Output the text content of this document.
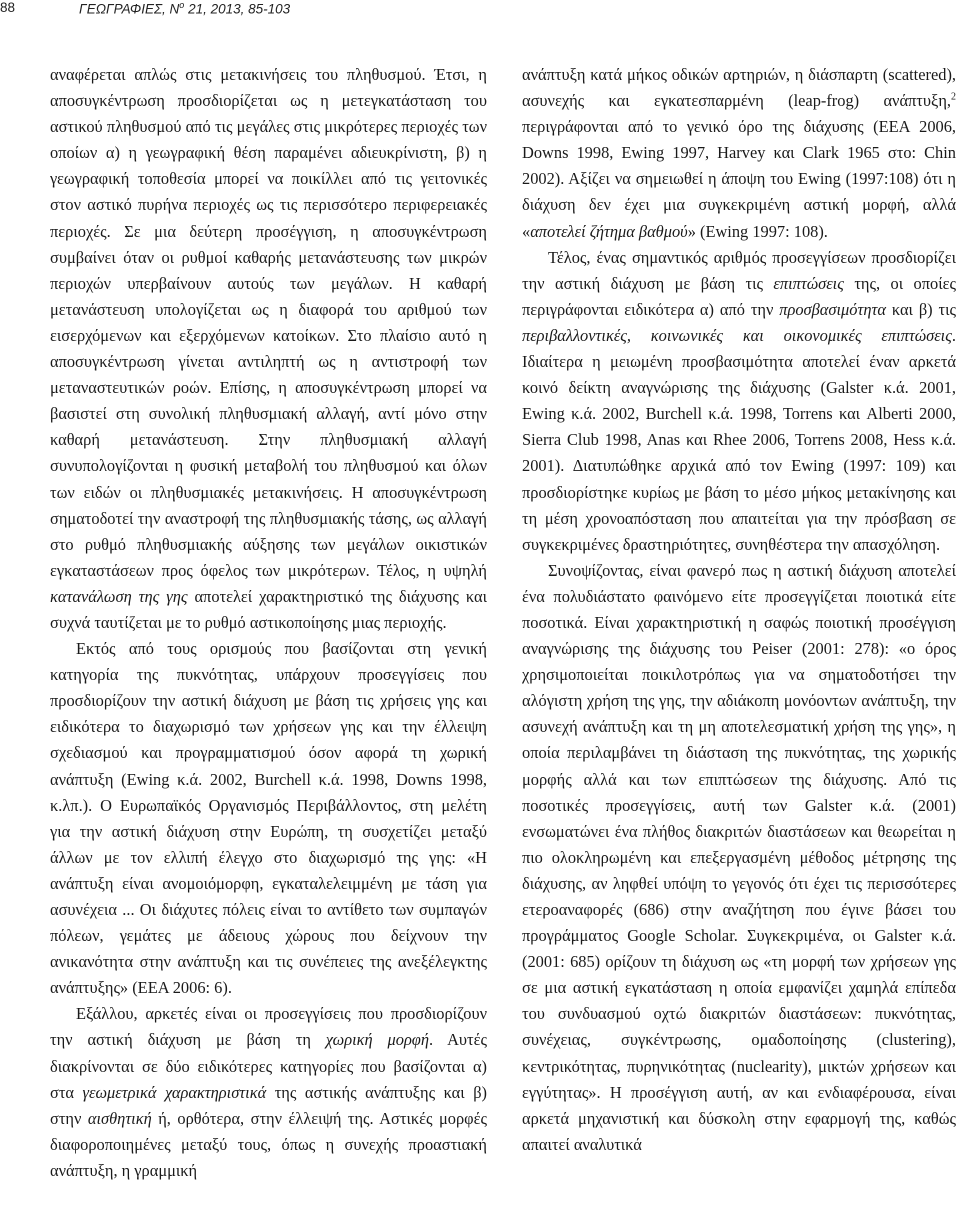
88	ΓΕΩΓΡΑΦΙΕΣ, $N^o$ 21, 2013, 85-103

αναφέρεται απλώς στις μετακινήσεις του πληθυσμού. Έτσι, η αποσυγκέντρωση προσδιορίζεται ως η μετεγκατάσταση του αστικού πληθυσμού από τις μεγάλες στις μικρότερες περιοχές των οποίων α) η γεωγραφική θέση παραμένει αδιευκρίνιστη, β) η γεωγραφική τοποθεσία μπορεί να ποικίλλει από τις γειτονικές στον αστικό πυρήνα περιοχές ως τις περισσότερο περιφερειακές περιοχές. Σε μια δεύτερη προσέγγιση, η αποσυγκέντρωση συμβαίνει όταν οι ρυθμοί καθαρής μετανάστευσης των μικρών περιοχών υπερβαίνουν αυτούς των μεγάλων. Η καθαρή μετανάστευση υπολογίζεται ως η διαφορά του αριθμού των εισερχόμενων και εξερχόμενων κατοίκων. Στο πλαίσιο αυτό η αποσυγκέντρωση γίνεται αντιληπτή ως η αντιστροφή των μεταναστευτικών ροών. Επίσης, η αποσυγκέντρωση μπορεί να βασιστεί στη συνολική πληθυσμιακή αλλαγή, αντί μόνο στην καθαρή μετανάστευση. Στην πληθυσμιακή αλλαγή συνυπολογίζονται η φυσική μεταβολή του πληθυσμού και όλων των ειδών οι πληθυσμιακές μετακινήσεις. Η αποσυγκέντρωση σηματοδοτεί την αναστροφή της πληθυσμιακής τάσης, ως αλλαγή στο ρυθμό πληθυσμιακής αύξησης των μεγάλων οικιστικών εγκαταστάσεων προς όφελος των μικρότερων. Τέλος, η υψηλή κατανάλωση της γης αποτελεί χαρακτηριστικό της διάχυσης και συχνά ταυτίζεται με το ρυθμό αστικοποίησης μιας περιοχής.

Εκτός από τους ορισμούς που βασίζονται στη γενική κατηγορία της πυκνότητας, υπάρχουν προσεγγίσεις που προσδιορίζουν την αστική διάχυση με βάση τις χρήσεις γης και ειδικότερα το διαχωρισμό των χρήσεων γης και την έλλειψη σχεδιασμού και προγραμματισμού όσον αφορά τη χωρική ανάπτυξη (Ewing κ.ά. 2002, Burchell κ.ά. 1998, Downs 1998, κ.λπ.). Ο Ευρωπαϊκός Οργανισμός Περιβάλλοντος, στη μελέτη για την αστική διάχυση στην Ευρώπη, τη συσχετίζει μεταξύ άλλων με τον ελλιπή έλεγχο στο διαχωρισμό της γης: «Η ανάπτυξη είναι ανομοιόμορφη, εγκαταλελειμμένη με τάση για ασυνέχεια ... Οι διάχυτες πόλεις είναι το αντίθετο των συμπαγών πόλεων, γεμάτες με άδειους χώρους που δείχνουν την ανικανότητα στην ανάπτυξη και τις συνέπειες της ανεξέλεγκτης ανάπτυξης» (EEA 2006: 6).

Εξάλλου, αρκετές είναι οι προσεγγίσεις που προσδιορίζουν την αστική διάχυση με βάση τη χωρική μορφή. Αυτές διακρίνονται σε δύο ειδικότερες κατηγορίες που βασίζονται α) στα γεωμετρικά χαρακτηριστικά της αστικής ανάπτυξης και β) στην αισθητική ή, ορθότερα, στην έλλειψή της. Αστικές μορφές διαφοροποιημένες μεταξύ τους, όπως η συνεχής προαστιακή ανάπτυξη, η γραμμική

ανάπτυξη κατά μήκος οδικών αρτηριών, η διάσπαρτη (scattered), ασυνεχής και εγκατεσπαρμένη (leap-frog) ανάπτυξη,$^2$ περιγράφονται από το γενικό όρο της διάχυσης (EEA 2006, Downs 1998, Ewing 1997, Harvey και Clark 1965 στο: Chin 2002). Αξίζει να σημειωθεί η άποψη του Ewing (1997:108) ότι η διάχυση δεν έχει μια συγκεκριμένη αστική μορφή, αλλά «αποτελεί ζήτημα βαθμού» (Ewing 1997: 108).

Τέλος, ένας σημαντικός αριθμός προσεγγίσεων προσδιορίζει την αστική διάχυση με βάση τις επιπτώσεις της, οι οποίες περιγράφονται ειδικότερα α) από την προσβασιμότητα και β) τις περιβαλλοντικές, κοινωνικές και οικονομικές επιπτώσεις. Ιδιαίτερα η μειωμένη προσβασιμότητα αποτελεί έναν αρκετά κοινό δείκτη αναγνώρισης της διάχυσης (Galster κ.ά. 2001, Ewing κ.ά. 2002, Burchell κ.ά. 1998, Torrens και Alberti 2000, Sierra Club 1998, Anas και Rhee 2006, Torrens 2008, Hess κ.ά. 2001). Διατυπώθηκε αρχικά από τον Ewing (1997: 109) και προσδιορίστηκε κυρίως με βάση το μέσο μήκος μετακίνησης και τη μέση χρονοαπόσταση που απαιτείται για την πρόσβαση σε συγκεκριμένες δραστηριότητες, συνηθέστερα την απασχόληση.

Συνοψίζοντας, είναι φανερό πως η αστική διάχυση αποτελεί ένα πολυδιάστατο φαινόμενο είτε προσεγγίζεται ποιοτικά είτε ποσοτικά. Είναι χαρακτηριστική η σαφώς ποιοτική προσέγγιση αναγνώρισης της διάχυσης του Peiser (2001: 278): «ο όρος χρησιμοποιείται ποικιλοτρόπως για να σηματοδοτήσει την αλόγιστη χρήση της γης, την αδιάκοπη μονόοντων ανάπτυξη, την ασυνεχή ανάπτυξη και τη μη αποτελεσματική χρήση της γης», η οποία περιλαμβάνει τη διάσταση της πυκνότητας, της χωρικής μορφής αλλά και των επιπτώσεων της διάχυσης. Από τις ποσοτικές προσεγγίσεις, αυτή των Galster κ.ά. (2001) ενσωματώνει ένα πλήθος διακριτών διαστάσεων και θεωρείται η πιο ολοκληρωμένη και επεξεργασμένη μέθοδος μέτρησης της διάχυσης, αν ληφθεί υπόψη το γεγονός ότι έχει τις περισσότερες ετεροαναφορές (686) στην αναζήτηση που έγινε βάσει του προγράμματος Google Scholar. Συγκεκριμένα, οι Galster κ.ά. (2001: 685) ορίζουν τη διάχυση ως «τη μορφή των χρήσεων γης σε μια αστική εγκατάσταση η οποία εμφανίζει χαμηλά επίπεδα του συνδυασμού οχτώ διακριτών διαστάσεων: πυκνότητας, συνέχειας, συγκέντρωσης, ομαδοποίησης (clustering), κεντρικότητας, πυρηνικότητας (nuclearity), μικτών χρήσεων και εγγύτητας». Η προσέγγιση αυτή, αν και ενδιαφέρουσα, είναι αρκετά μηχανιστική και δύσκολη στην εφαρμογή της, καθώς απαιτεί αναλυτικά
